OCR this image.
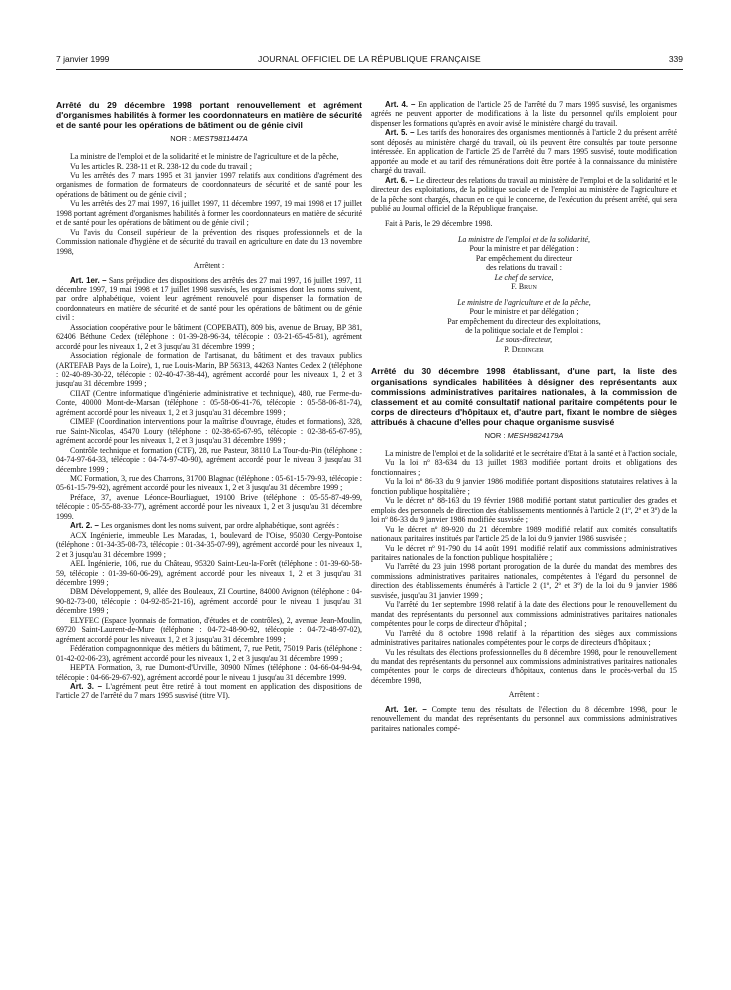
7 janvier 1999	JOURNAL OFFICIEL DE LA RÉPUBLIQUE FRANÇAISE	339
Arrêté du 29 décembre 1998 portant renouvellement et agrément d'organismes habilités à former les coordonnateurs en matière de sécurité et de santé pour les opérations de bâtiment ou de génie civil
NOR : MEST9811447A

La ministre de l'emploi et de la solidarité et le ministre de l'agriculture et de la pêche,

Vu les articles R. 238-11 et R. 238-12 du code du travail ;

Vu les arrêtés des 7 mars 1995 et 31 janvier 1997 relatifs aux conditions d'agrément des organismes de formation de formateurs de coordonnateurs de sécurité et de santé pour les opérations de bâtiment ou de génie civil ;

Vu les arrêtés des 27 mai 1997, 16 juillet 1997, 11 décembre 1997, 19 mai 1998 et 17 juillet 1998 portant agrément d'organismes habilités à former les coordonnateurs en matière de sécurité et de santé pour les opérations de bâtiment ou de génie civil ;

Vu l'avis du Conseil supérieur de la prévention des risques professionnels et de la Commission nationale d'hygiène et de sécurité du travail en agriculture en date du 13 novembre 1998,

Arrêtent :

Art. 1er. – Sans préjudice des dispositions des arrêtés des 27 mai 1997, 16 juillet 1997, 11 décembre 1997, 19 mai 1998 et 17 juillet 1998 susvisés, les organismes dont les noms suivent, par ordre alphabétique, voient leur agrément renouvelé pour dispenser la formation de coordonnateurs en matière de sécurité et de santé pour les opérations de bâtiment ou de génie civil :

Association coopérative pour le bâtiment (COPEBATI), 809 bis, avenue de Bruay, BP 381, 62406 Béthune Cedex (téléphone : 01-39-28-96-34, télécopie : 03-21-65-45-81), agrément accordé pour les niveaux 1, 2 et 3 jusqu'au 31 décembre 1999 ;

Association régionale de formation de l'artisanat, du bâtiment et des travaux publics (ARTEFAB Pays de la Loire), 1, rue Louis-Marin, BP 56313, 44263 Nantes Cedex 2 (téléphone : 02-40-89-30-22, télécopie : 02-40-47-38-44), agrément accordé pour les niveaux 1, 2 et 3 jusqu'au 31 décembre 1999 ;

CIIAT (Centre informatique d'ingénierie administrative et technique), 480, rue Ferme-du-Conte, 40000 Mont-de-Marsan (téléphone : 05-58-06-41-76, télécopie : 05-58-06-81-74), agrément accordé pour les niveaux 1, 2 et 3 jusqu'au 31 décembre 1999 ;

CIMEF (Coordination interventions pour la maîtrise d'ouvrage, études et formations), 328, rue Saint-Nicolas, 45470 Loury (téléphone : 02-38-65-67-95, télécopie : 02-38-65-67-95), agrément accordé pour les niveaux 1, 2 et 3 jusqu'au 31 décembre 1999 ;

Contrôle technique et formation (CTF), 28, rue Pasteur, 38110 La Tour-du-Pin (téléphone : 04-74-97-64-33, télécopie : 04-74-97-40-90), agrément accordé pour le niveau 3 jusqu'au 31 décembre 1999 ;

MC Formation, 3, rue des Charrons, 31700 Blagnac (téléphone : 05-61-15-79-93, télécopie : 05-61-15-79-92), agrément accordé pour les niveaux 1, 2 et 3 jusqu'au 31 décembre 1999 ;

Préface, 37, avenue Léonce-Bourliaguet, 19100 Brive (téléphone : 05-55-87-49-99, télécopie : 05-55-88-33-77), agrément accordé pour les niveaux 1, 2 et 3 jusqu'au 31 décembre 1999.

Art. 2. – Les organismes dont les noms suivent, par ordre alphabétique, sont agréés :

ACX Ingénierie, immeuble Les Maradas, 1, boulevard de l'Oise, 95030 Cergy-Pontoise (téléphone : 01-34-35-08-73, télécopie : 01-34-35-07-99), agrément accordé pour les niveaux 1, 2 et 3 jusqu'au 31 décembre 1999 ;

AEL Ingénierie, 106, rue du Château, 95320 Saint-Leu-la-Forêt (téléphone : 01-39-60-58-59, télécopie : 01-39-60-06-29), agrément accordé pour les niveaux 1, 2 et 3 jusqu'au 31 décembre 1999 ;

DBM Développement, 9, allée des Bouleaux, ZI Courtine, 84000 Avignon (téléphone : 04-90-82-73-00, télécopie : 04-92-85-21-16), agrément accordé pour le niveau 1 jusqu'au 31 décembre 1999 ;

ELYFEC (Espace lyonnais de formation, d'études et de contrôles), 2, avenue Jean-Moulin, 69720 Saint-Laurent-de-Mure (téléphone : 04-72-48-90-92, télécopie : 04-72-48-97-02), agrément accordé pour les niveaux 1, 2 et 3 jusqu'au 31 décembre 1999 ;

Fédération compagnonnique des métiers du bâtiment, 7, rue Petit, 75019 Paris (téléphone : 01-42-02-06-23), agrément accordé pour les niveaux 1, 2 et 3 jusqu'au 31 décembre 1999 ;

HEPTA Formation, 3, rue Dumont-d'Urville, 30900 Nîmes (téléphone : 04-66-04-94-94, télécopie : 04-66-29-67-92), agrément accordé pour le niveau 1 jusqu'au 31 décembre 1999.

Art. 3. – L'agrément peut être retiré à tout moment en application des dispositions de l'article 27 de l'arrêté du 7 mars 1995 susvisé (titre VI).

Art. 4. – En application de l'article 25 de l'arrêté du 7 mars 1995 susvisé, les organismes agréés ne peuvent apporter de modifications à la liste du personnel qu'ils emploient pour dispenser les formations qu'après en avoir avisé le ministère chargé du travail.

Art. 5. – Les tarifs des honoraires des organismes mentionnés à l'article 2 du présent arrêté sont déposés au ministère chargé du travail, où ils peuvent être consultés par toute personne intéressée. En application de l'article 25 de l'arrêté du 7 mars 1995 susvisé, toute modification apportée au mode et au tarif des rémunérations doit être portée à la connaissance du ministère chargé du travail.

Art. 6. – Le directeur des relations du travail au ministère de l'emploi et de la solidarité et le directeur des exploitations, de la politique sociale et de l'emploi au ministère de l'agriculture et de la pêche sont chargés, chacun en ce qui le concerne, de l'exécution du présent arrêté, qui sera publié au Journal officiel de la République française.

Fait à Paris, le 29 décembre 1998.

La ministre de l'emploi et de la solidarité,
Pour la ministre et par délégation :
Par empêchement du directeur
des relations du travail :
Le chef de service,
F. Brun
Le ministre de l'agriculture et de la pêche,
Pour le ministre et par délégation ;
Par empêchement du directeur des exploitations,
de la politique sociale et de l'emploi :
Le sous-directeur,
P. Dedinger
Arrêté du 30 décembre 1998 établissant, d'une part, la liste des organisations syndicales habilitées à désigner des représentants aux commissions administratives paritaires nationales, à la commission de classement et au comité consultatif national paritaire compétents pour le corps de directeurs d'hôpitaux et, d'autre part, fixant le nombre de sièges attribués à chacune d'elles pour chaque organisme susvisé
NOR : MESH9824179A

La ministre de l'emploi et de la solidarité et le secrétaire d'Etat à la santé et à l'action sociale,

Vu la loi nº 83-634 du 13 juillet 1983 modifiée portant droits et obligations des fonctionnaires ;

Vu la loi nº 86-33 du 9 janvier 1986 modifiée portant dispositions statutaires relatives à la fonction publique hospitalière ;

Vu le décret nº 88-163 du 19 février 1988 modifié portant statut particulier des grades et emplois des personnels de direction des établissements mentionnés à l'article 2 (1º, 2º et 3º) de la loi nº 86-33 du 9 janvier 1986 modifiée susvisée ;

Vu le décret nº 89-920 du 21 décembre 1989 modifié relatif aux comités consultatifs nationaux paritaires institués par l'article 25 de la loi du 9 janvier 1986 susvisée ;

Vu le décret nº 91-790 du 14 août 1991 modifié relatif aux commissions administratives paritaires nationales de la fonction publique hospitalière ;

Vu l'arrêté du 23 juin 1998 portant prorogation de la durée du mandat des membres des commissions administratives paritaires nationales, compétentes à l'égard du personnel de direction des établissements énumérés à l'article 2 (1º, 2º et 3º) de la loi du 9 janvier 1986 susvisée, jusqu'au 31 janvier 1999 ;

Vu l'arrêté du 1er septembre 1998 relatif à la date des élections pour le renouvellement du mandat des représentants du personnel aux commissions administratives paritaires nationales compétentes pour le corps de directeur d'hôpital ;

Vu l'arrêté du 8 octobre 1998 relatif à la répartition des sièges aux commissions administratives paritaires nationales compétentes pour le corps de directeurs d'hôpitaux ;

Vu les résultats des élections professionnelles du 8 décembre 1998, pour le renouvellement du mandat des représentants du personnel aux commissions administratives paritaires nationales compétentes pour le corps de directeurs d'hôpitaux, contenus dans le procès-verbal du 15 décembre 1998,

Arrêtent :

Art. 1er. – Compte tenu des résultats de l'élection du 8 décembre 1998, pour le renouvellement du mandat des représentants du personnel aux commissions administratives paritaires nationales compé-
